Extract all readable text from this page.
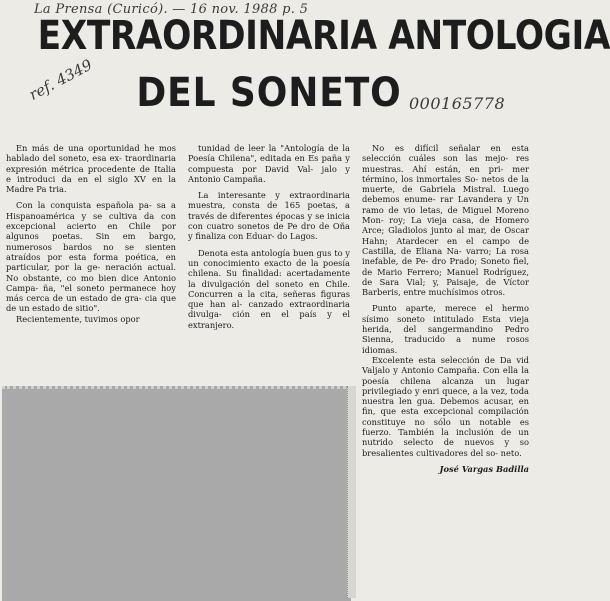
La Prensa (Curicó). — 16 nov. 1988 p. 5
EXTRAORDINARIA ANTOLOGIA
DEL SONETO
ref. 4349	000165778

En más de una oportunidad he mos hablado del soneto, esa ex- traordinaria expresión métrica procedente de Italia e introduci da en el siglo XV en la Madre Pa tria.

Con la conquista española pa- sa a Hispanoamérica y se cultiva da con excepcional acierto en Chile por algunos poetas. Sin em bargo, numerosos bardos no se sienten atraídos por esta forma poética, en particular, por la ge- neración actual. No obstante, co mo bien dice Antonio Campa- ña, "el soneto permanece hoy más cerca de un estado de gra- cia que de un estado de sitio".

Recientemente, tuvimos opor

tunidad de leer la "Antología de la Poesía Chilena", editada en Es paña y compuesta por David Val- jalo y Antonio Campaña.

La interesante y extraordinaria muestra, consta de 165 poetas, a través de diferentes épocas y se inicia con cuatro sonetos de Pe dro de Oña y finaliza con Eduar- do Lagos.

Denota esta antología buen gus to y un conocimiento exacto de la poesía chilena. Su finalidad: acertadamente la divulgación del soneto en Chile. Concurren a la cita, señeras figuras que han al- canzado extraordinaria divulga- ción en el país y el extranjero.

No es difícil señalar en esta selección cuáles son las mejo- res muestras. Ahí están, en pri- mer término, los inmortales So- netos de la muerte, de Gabriela Mistral. Luego debemos enume- rar Lavandera y Un ramo de vio letas, de Miguel Moreno Mon- roy; La vieja casa, de Homero Arce; Gladiolos junto al mar, de Oscar Hahn; Atardecer en el campo de Castilla, de Eliana Na- varro; La rosa inefable, de Pe- dro Prado; Soneto fiel, de Mario Ferrero; Manuel Rodríguez, de Sara Vial; y, Paisaje, de Víctor Barberis, entre muchísimos otros.

Punto aparte, merece el hermo sísimo soneto intitulado Esta vieja herida, del sangermandino Pedro Sienna, traducido a nume rosos idiomas.

Excelente esta selección de Da vid Valjalo y Antonio Campaña. Con ella la poesía chilena alcanza un lugar privilegiado y enri quece, a la vez, toda nuestra len gua. Debemos acusar, en fin, que esta excepcional compilación constituye no sólo un notable es fuerzo. También la inclusión de un nutrido selecto de nuevos y so bresalientes cultivadores del so- neto.

José Vargas Badilla
